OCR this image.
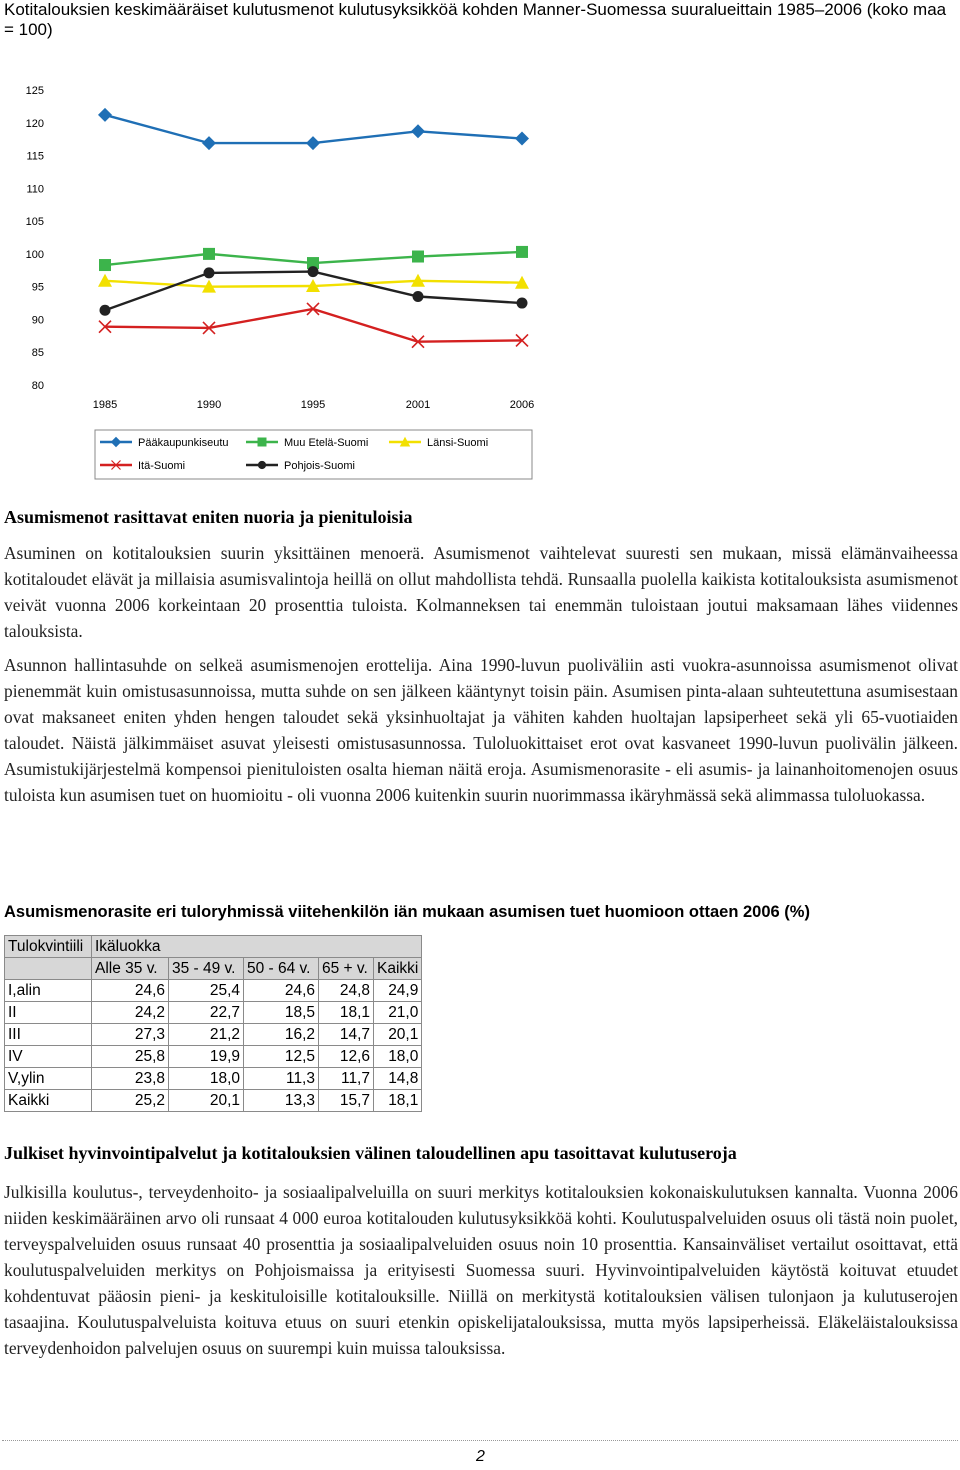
Kotitalouksien keskimääräiset kulutusmenot kulutusyksikköä kohden Manner-Suomessa suuralueittain 1985–2006 (koko maa = 100)
125
120
115
110
105
100
95
90
85
80
1985	1990	1995	2001	2006
Pääkaupunkiseutu	Muu Etelä-Suomi	Länsi-Suomi
Itä-Suomi	Pohjois-Suomi
Asumismenot rasittavat eniten nuoria ja pienituloisia

Asuminen on kotitalouksien suurin yksittäinen menoerä. Asumismenot vaihtelevat suuresti sen mukaan, missä elämänvaiheessa kotitaloudet elävät ja millaisia asumisvalintoja heillä on ollut mahdollista tehdä. Runsaalla puolella kaikista kotitalouksista asumismenot veivät vuonna 2006 korkeintaan 20 prosenttia tuloista. Kolmanneksen tai enemmän tuloistaan joutui maksamaan lähes viidennes talouksista.

Asunnon hallintasuhde on selkeä asumismenojen erottelija. Aina 1990-luvun puoliväliin asti vuokra-asunnoissa asumismenot olivat pienemmät kuin omistusasunnoissa, mutta suhde on sen jälkeen kääntynyt toisin päin. Asumisen pinta-alaan suhteutettuna asumisestaan ovat maksaneet eniten yhden hengen taloudet sekä yksinhuoltajat ja vähiten kahden huoltajan lapsiperheet sekä yli 65-vuotiaiden taloudet. Näistä jälkimmäiset asuvat yleisesti omistusasunnossa. Tuloluokittaiset erot ovat kasvaneet 1990-luvun puolivälin jälkeen. Asumistukijärjestelmä kompensoi pienituloisten osalta hieman näitä eroja. Asumismenorasite - eli asumis- ja lainanhoitomenojen osuus tuloista kun asumisen tuet on huomioitu - oli vuonna 2006 kuitenkin suurin nuorimmassa ikäryhmässä sekä alimmassa tuloluokassa.

Asumismenorasite eri tuloryhmissä viitehenkilön iän mukaan asumisen tuet huomioon ottaen 2006 (%)
Tulokvintiili	Ikäluokka				
	Alle 35 v.	35 - 49 v.	50 - 64 v.	65 + v.	Kaikki
I,alin	24,6	25,4	24,6	24,8	24,9
II	24,2	22,7	18,5	18,1	21,0
III	27,3	21,2	16,2	14,7	20,1
IV	25,8	19,9	12,5	12,6	18,0
V,ylin	23,8	18,0	11,3	11,7	14,8
Kaikki	25,2	20,1	13,3	15,7	18,1
Julkiset hyvinvointipalvelut ja kotitalouksien välinen taloudellinen apu tasoittavat kulutuseroja

Julkisilla koulutus-, terveydenhoito- ja sosiaalipalveluilla on suuri merkitys kotitalouksien kokonaiskulutuksen kannalta. Vuonna 2006 niiden keskimääräinen arvo oli runsaat 4 000 euroa kotitalouden kulutusyksikköä kohti. Koulutuspalveluiden osuus oli tästä noin puolet, terveyspalveluiden osuus runsaat 40 prosenttia ja sosiaalipalveluiden osuus noin 10 prosenttia. Kansainväliset vertailut osoittavat, että koulutuspalveluiden merkitys on Pohjoismaissa ja erityisesti Suomessa suuri. Hyvinvointipalveluiden käytöstä koituvat etuudet kohdentuvat pääosin pieni- ja keskituloisille kotitalouksille. Niillä on merkitystä kotitalouksien välisen tulonjaon ja kulutuserojen tasaajina. Koulutuspalveluista koituva etuus on suuri etenkin opiskelijatalouksissa, mutta myös lapsiperheissä. Eläkeläistalouksissa terveydenhoidon palvelujen osuus on suurempi kuin muissa talouksissa.

2
